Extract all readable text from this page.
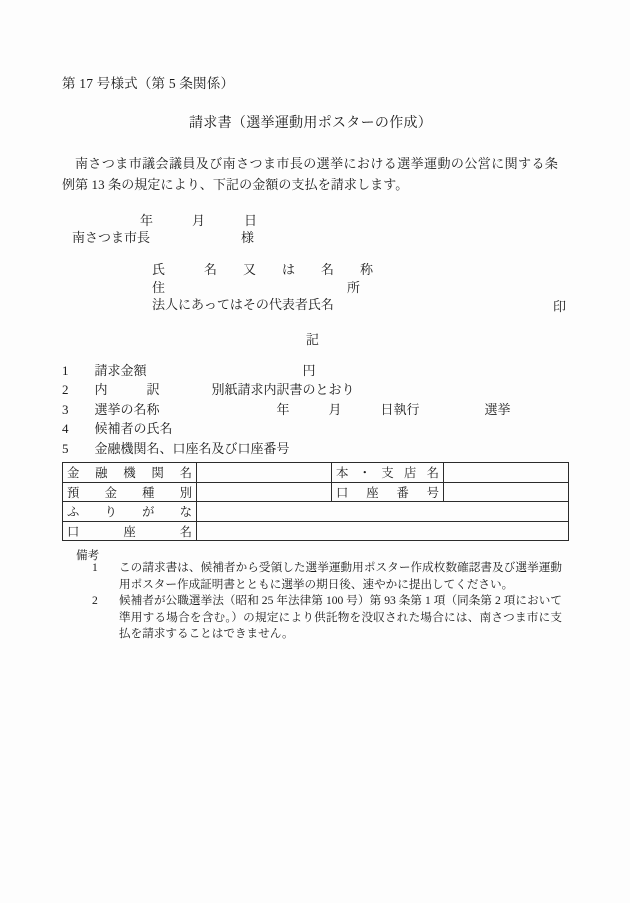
第 17 号様式（第 5 条関係）
請求書（選挙運動用ポスターの作成）
南さつま市議会議員及び南さつま市長の選挙における選挙運動の公営に関する条例第 13 条の規定により、下記の金額の支払を請求します。
年　　　月　　　日
南さつま市長　　　　　　　様
氏　　　名　　又　　は　　名　　称
住　　　　　　　　　　　　　　所
法人にあってはその代表者氏名	印
記
1　　請求金額　　　　　　　　　　　　円
2　　内　　　訳　　　　別紙請求内訳書のとおり
3　　選挙の名称　　　　　　　　　年　　　月　　　日執行　　　　　選挙
4　　候補者の氏名
5　　金融機関名、口座名及び口座番号
金融機関名		本・支店名	
預金種別		口座番号	
ふりがな			
口座名			
備考
1 この請求書は、候補者から受領した選挙運動用ポスター作成枚数確認書及び選挙運動用ポスター作成証明書とともに選挙の期日後、速やかに提出してください。
2 候補者が公職選挙法（昭和 25 年法律第 100 号）第 93 条第 1 項（同条第 2 項において準用する場合を含む。）の規定により供託物を没収された場合には、南さつま市に支払を請求することはできません。
